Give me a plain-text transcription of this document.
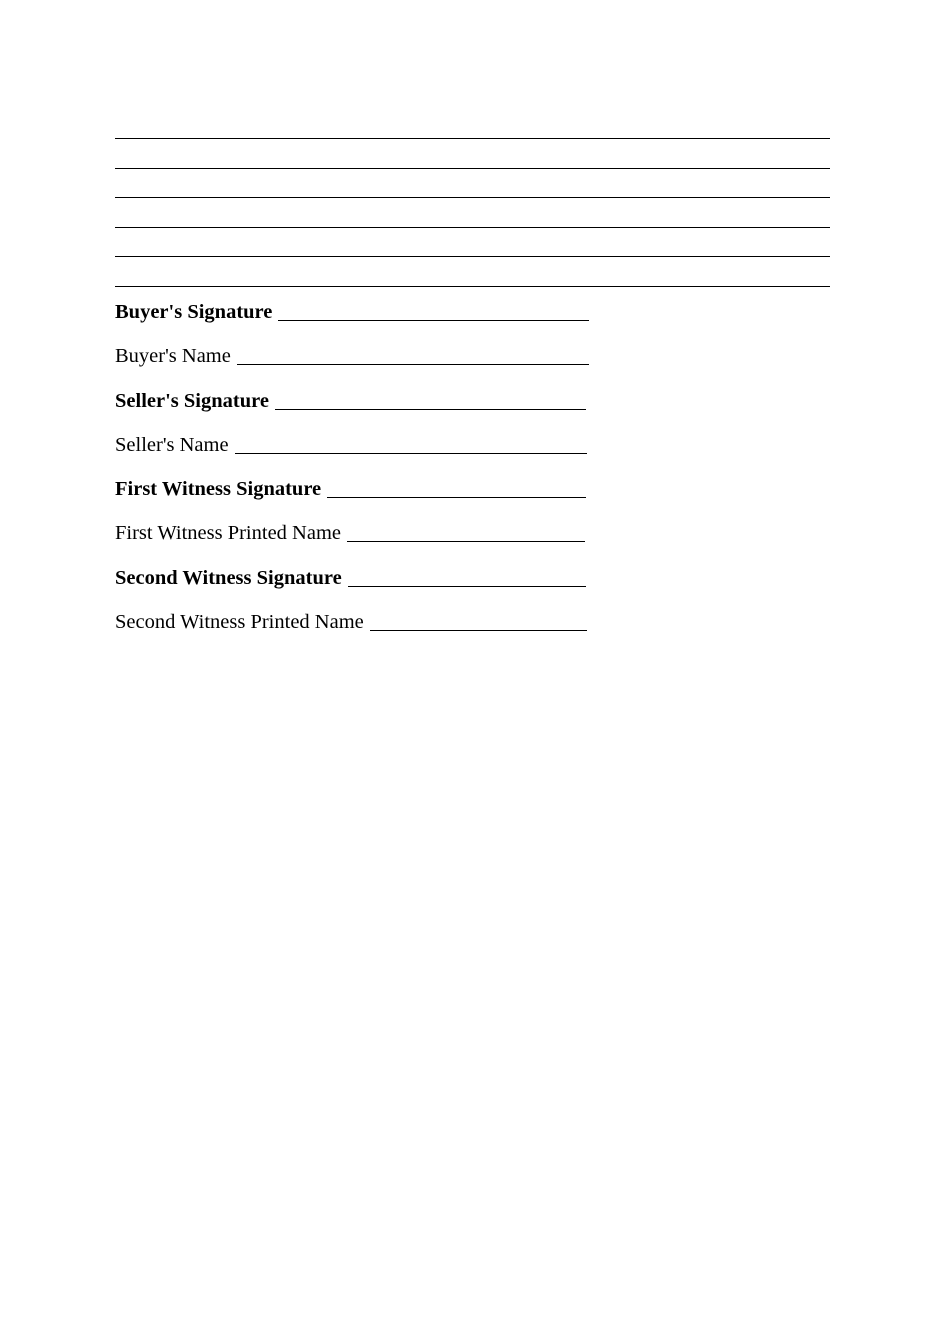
Buyer's Signature
Buyer's Name
Seller's Signature
Seller's Name
First Witness Signature
First Witness Printed Name
Second Witness Signature
Second Witness Printed Name
